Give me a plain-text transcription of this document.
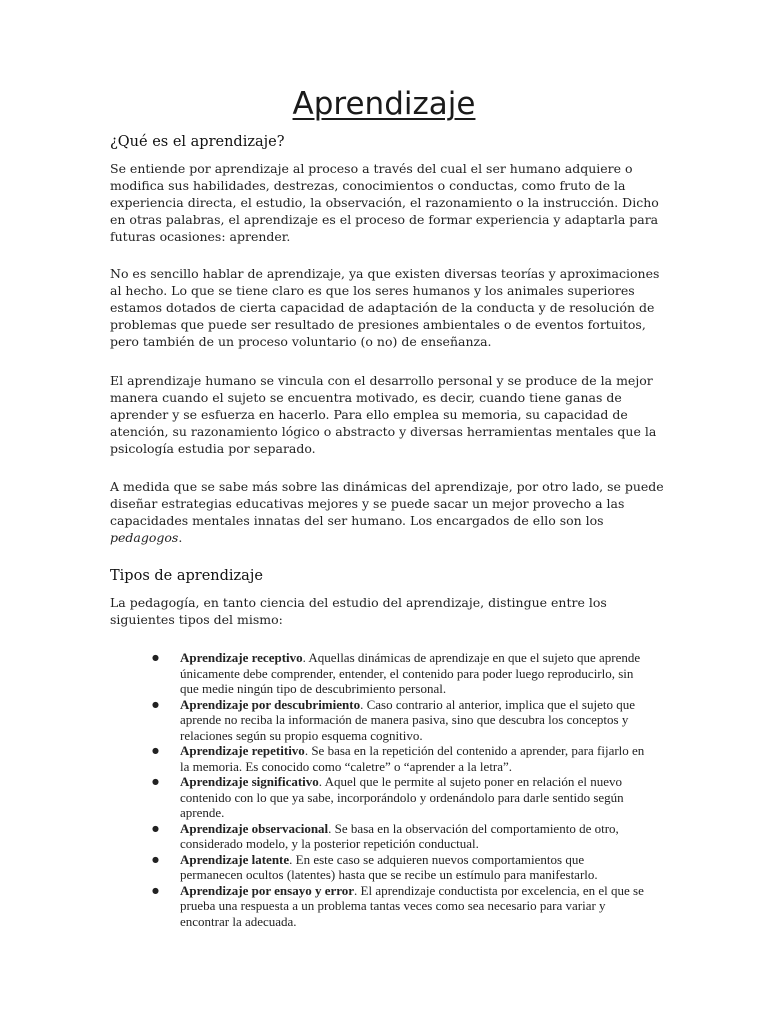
Aprendizaje
¿Qué es el aprendizaje?

Se entiende por aprendizaje al proceso a través del cual el ser humano adquiere o modifica sus habilidades, destrezas, conocimientos o conductas, como fruto de la experiencia directa, el estudio, la observación, el razonamiento o la instrucción. Dicho en otras palabras, el aprendizaje es el proceso de formar experiencia y adaptarla para futuras ocasiones: aprender.

No es sencillo hablar de aprendizaje, ya que existen diversas teorías y aproximaciones al hecho. Lo que se tiene claro es que los seres humanos y los animales superiores estamos dotados de cierta capacidad de adaptación de la conducta y de resolución de problemas que puede ser resultado de presiones ambientales o de eventos fortuitos, pero también de un proceso voluntario (o no) de enseñanza.

El aprendizaje humano se vincula con el desarrollo personal y se produce de la mejor manera cuando el sujeto se encuentra motivado, es decir, cuando tiene ganas de aprender y se esfuerza en hacerlo. Para ello emplea su memoria, su capacidad de atención, su razonamiento lógico o abstracto y diversas herramientas mentales que la psicología estudia por separado.

A medida que se sabe más sobre las dinámicas del aprendizaje, por otro lado, se puede diseñar estrategias educativas mejores y se puede sacar un mejor provecho a las capacidades mentales innatas del ser humano. Los encargados de ello son los pedagogos.

Tipos de aprendizaje

La pedagogía, en tanto ciencia del estudio del aprendizaje, distingue entre los siguientes tipos del mismo:

● Aprendizaje receptivo. Aquellas dinámicas de aprendizaje en que el sujeto que aprende únicamente debe comprender, entender, el contenido para poder luego reproducirlo, sin que medie ningún tipo de descubrimiento personal.
● Aprendizaje por descubrimiento. Caso contrario al anterior, implica que el sujeto que aprende no reciba la información de manera pasiva, sino que descubra los conceptos y relaciones según su propio esquema cognitivo.
● Aprendizaje repetitivo. Se basa en la repetición del contenido a aprender, para fijarlo en la memoria. Es conocido como “caletre” o “aprender a la letra”.
● Aprendizaje significativo. Aquel que le permite al sujeto poner en relación el nuevo contenido con lo que ya sabe, incorporándolo y ordenándolo para darle sentido según aprende.
● Aprendizaje observacional. Se basa en la observación del comportamiento de otro, considerado modelo, y la posterior repetición conductual.
● Aprendizaje latente. En este caso se adquieren nuevos comportamientos que permanecen ocultos (latentes) hasta que se recibe un estímulo para manifestarlo.
● Aprendizaje por ensayo y error. El aprendizaje conductista por excelencia, en el que se prueba una respuesta a un problema tantas veces como sea necesario para variar y encontrar la adecuada.
